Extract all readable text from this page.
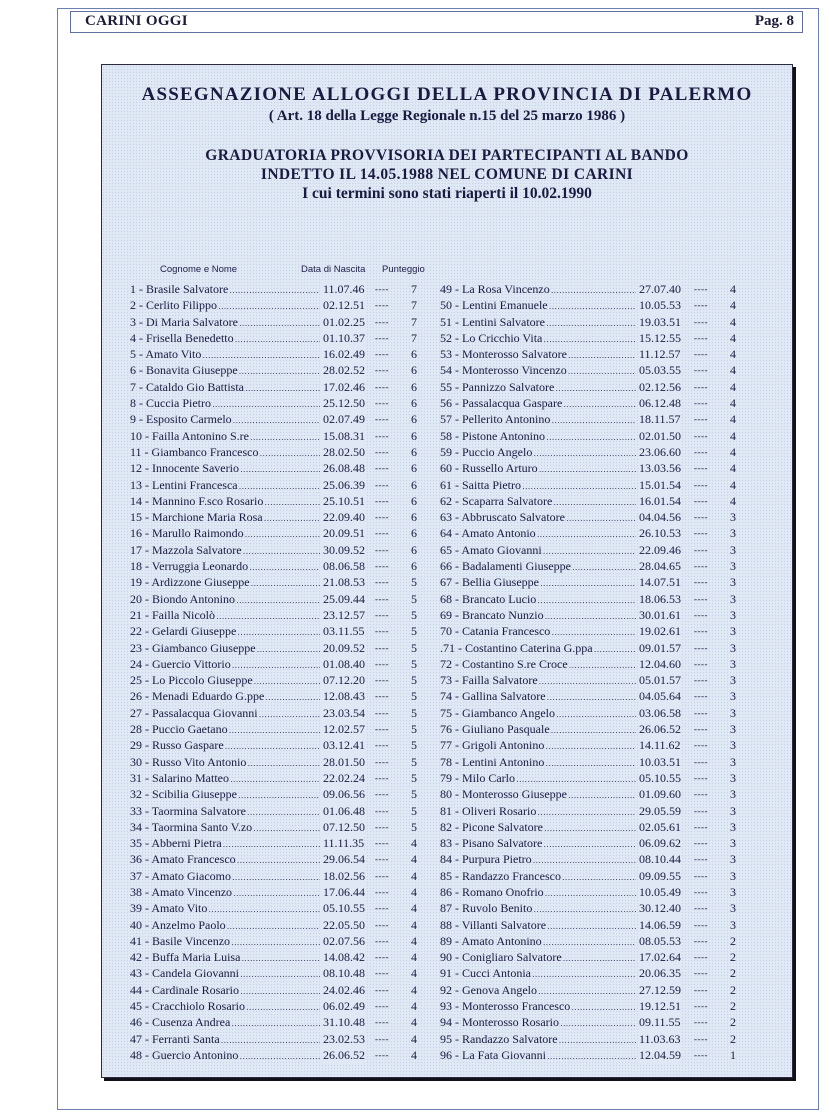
CARINI OGGI	Pag. 8
ASSEGNAZIONE ALLOGGI DELLA PROVINCIA DI PALERMO
( Art. 18 della Legge Regionale n.15 del 25 marzo 1986 )
GRADUATORIA PROVVISORIA DEI PARTECIPANTI AL BANDO
INDETTO IL 14.05.1988 NEL COMUNE DI CARINI
I cui termini sono stati riaperti il 10.02.1990
Cognome e Nome	Data di Nascita Punteggio
1 - Brasile Salvatore . . .	11.07.46 ---- 7
2 - Cerlito Filippo . . .	02.12.51 ---- 7
3 - Di Maria Salvatore . . .	01.02.25 ---- 7
4 - Frisella Benedetto . . .	01.10.37 ---- 7
5 - Amato Vito . . .	16.02.49 ---- 6
6 - Bonavita Giuseppe . . .	28.02.52 ---- 6
7 - Cataldo Gio Battista . . .	17.02.46 ---- 6
8 - Cuccia Pietro . . .	25.12.50 ---- 6
9 - Esposito Carmelo . . .	02.07.49 ---- 6
10 - Failla Antonino S.re . . .	15.08.31 ---- 6
11 - Giambanco Francesco . . .	28.02.50 ---- 6
12 - Innocente Saverio . . .	26.08.48 ---- 6
13 - Lentini Francesca . . .	25.06.39 ---- 6
14 - Mannino F.sco Rosario . . .	25.10.51 ---- 6
15 - Marchione Maria Rosa . . .	22.09.40 ---- 6
16 - Marullo Raimondo . . .	20.09.51 ---- 6
17 - Mazzola Salvatore . . .	30.09.52 ---- 6
18 - Verruggia Leonardo . . .	08.06.58 ---- 6
19 - Ardizzone Giuseppe . . .	21.08.53 ---- 5
20 - Biondo Antonino . . .	25.09.44 ---- 5
21 - Failla Nicolò . . .	23.12.57 ---- 5
22 - Gelardi Giuseppe . . .	03.11.55 ---- 5
23 - Giambanco Giuseppe . . .	20.09.52 ---- 5
24 - Guercio Vittorio . . .	01.08.40 ---- 5
25 - Lo Piccolo Giuseppe . . .	07.12.20 ---- 5
26 - Menadi Eduardo G.ppe . . .	12.08.43 ---- 5
27 - Passalacqua Giovanni . . .	23.03.54 ---- 5
28 - Puccio Gaetano . . .	12.02.57 ---- 5
29 - Russo Gaspare . . .	03.12.41 ---- 5
30 - Russo Vito Antonio . . .	28.01.50 ---- 5
31 - Salarino Matteo . . .	22.02.24 ---- 5
32 - Scibilia Giuseppe . . .	09.06.56 ---- 5
33 - Taormina Salvatore . . .	01.06.48 ---- 5
34 - Taormina Santo V.zo . . .	07.12.50 ---- 5
35 - Abberni Pietra . . .	11.11.35 ---- 4
36 - Amato Francesco . . .	29.06.54 ---- 4
37 - Amato Giacomo . . .	18.02.56 ---- 4
38 - Amato Vincenzo . . .	17.06.44 ---- 4
39 - Amato Vito . . .	05.10.55 ---- 4
40 - Anzelmo Paolo . . .	22.05.50 ---- 4
41 - Basile Vincenzo . . .	02.07.56 ---- 4
42 - Buffa Maria Luisa . . .	14.08.42 ---- 4
43 - Candela Giovanni . . .	08.10.48 ---- 4
44 - Cardinale Rosario . . .	24.02.46 ---- 4
45 - Cracchiolo Rosario . . .	06.02.49 ---- 4
46 - Cusenza Andrea . . .	31.10.48 ---- 4
47 - Ferranti Santa . . .	23.02.53 ---- 4
48 - Guercio Antonino . . .	26.06.52 ---- 4
49 - La Rosa Vincenzo . . .	27.07.40 ---- 4
50 - Lentini Emanuele . . .	10.05.53 ---- 4
51 - Lentini Salvatore . . .	19.03.51 ---- 4
52 - Lo Cricchio Vita . . .	15.12.55 ---- 4
53 - Monterosso Salvatore . . .	11.12.57 ---- 4
54 - Monterosso Vincenzo . . .	05.03.55 ---- 4
55 - Pannizzo Salvatore . . .	02.12.56 ---- 4
56 - Passalacqua Gaspare . . .	06.12.48 ---- 4
57 - Pellerito Antonino . . .	18.11.57 ---- 4
58 - Pistone Antonino . . .	02.01.50 ---- 4
59 - Puccio Angelo . . .	23.06.60 ---- 4
60 - Russello Arturo . . .	13.03.56 ---- 4
61 - Saitta Pietro . . .	15.01.54 ---- 4
62 - Scaparra Salvatore . . .	16.01.54 ---- 4
63 - Abbruscato Salvatore . . .	04.04.56 ---- 3
64 - Amato Antonio . . .	26.10.53 ---- 3
65 - Amato Giovanni . . .	22.09.46 ---- 3
66 - Badalamenti Giuseppe . . .	28.04.65 ---- 3
67 - Bellia Giuseppe . . .	14.07.51 ---- 3
68 - Brancato Lucio . . .	18.06.53 ---- 3
69 - Brancato Nunzio . . .	30.01.61 ---- 3
70 - Catania Francesco . . .	19.02.61 ---- 3
.71 - Costantino Caterina G.ppa . . .	09.01.57 ---- 3
72 - Costantino S.re Croce . . .	12.04.60 ---- 3
73 - Failla Salvatore . . .	05.01.57 ---- 3
74 - Gallina Salvatore . . .	04.05.64 ---- 3
75 - Giambanco Angelo . . .	03.06.58 ---- 3
76 - Giuliano Pasquale . . .	26.06.52 ---- 3
77 - Grigoli Antonino . . .	14.11.62 ---- 3
78 - Lentini Antonino . . .	10.03.51 ---- 3
79 - Milo Carlo . . .	05.10.55 ---- 3
80 - Monterosso Giuseppe . . .	01.09.60 ---- 3
81 - Oliveri Rosario . . .	29.05.59 ---- 3
82 - Picone Salvatore . . .	02.05.61 ---- 3
83 - Pisano Salvatore . . .	06.09.62 ---- 3
84 - Purpura Pietro . . .	08.10.44 ---- 3
85 - Randazzo Francesco . . .	09.09.55 ---- 3
86 - Romano Onofrio . . .	10.05.49 ---- 3
87 - Ruvolo Benito . . .	30.12.40 ---- 3
88 - Villanti Salvatore . . .	14.06.59 ---- 3
89 - Amato Antonino . . .	08.05.53 ---- 2
90 - Conigliaro Salvatore . . .	17.02.64 ---- 2
91 - Cucci Antonia . . .	20.06.35 ---- 2
92 - Genova Angelo . . .	27.12.59 ---- 2
93 - Monterosso Francesco . . .	19.12.51 ---- 2
94 - Monterosso Rosario . . .	09.11.55 ---- 2
95 - Randazzo Salvatore . . .	11.03.63 ---- 2
96 - La Fata Giovanni . . .	12.04.59 ---- 1
